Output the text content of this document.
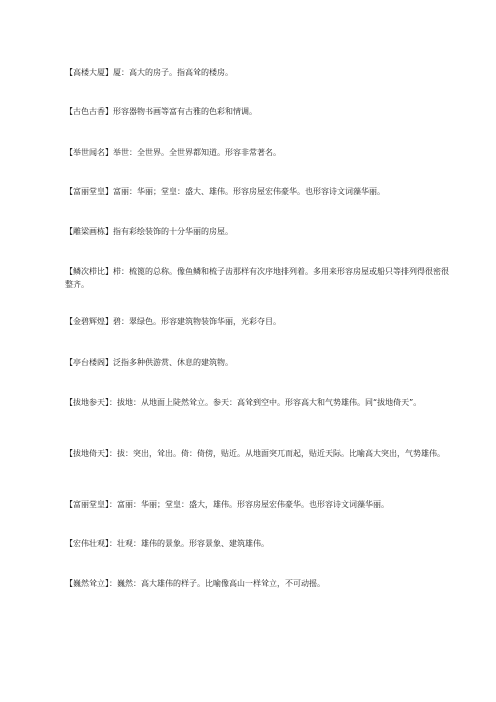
【高楼大厦】厦：高大的房子。指高耸的楼房。

【古色古香】形容器物书画等富有古雅的色彩和情调。

【举世闻名】举世：全世界。全世界都知道。形容非常著名。

【富丽堂皇】富丽：华丽；堂皇：盛大、雄伟。形容房屋宏伟豪华。也形容诗文词藻华丽。

【雕梁画栋】指有彩绘装饰的十分华丽的房屋。

【鳞次栉比】栉：梳篦的总称。像鱼鳞和梳子齿那样有次序地排列着。多用来形容房屋或船只等排列得很密很整齐。

【金碧辉煌】碧：翠绿色。形容建筑物装饰华丽，光彩夺目。

【亭台楼阁】泛指多种供游赏、休息的建筑物。

【拔地参天】：拔地：从地面上陡然耸立。参天：高耸到空中。形容高大和气势雄伟。同“拔地倚天”。

【拔地倚天】：拔：突出，耸出。倚：倚傍，贴近。从地面突兀而起，贴近天际。比喻高大突出，气势雄伟。

【富丽堂皇】：富丽：华丽；堂皇：盛大，雄伟。形容房屋宏伟豪华。也形容诗文词藻华丽。

【宏伟壮观】：壮观：雄伟的景象。形容景象、建筑雄伟。

【巍然耸立】：巍然：高大雄伟的样子。比喻像高山一样耸立，不可动摇。
